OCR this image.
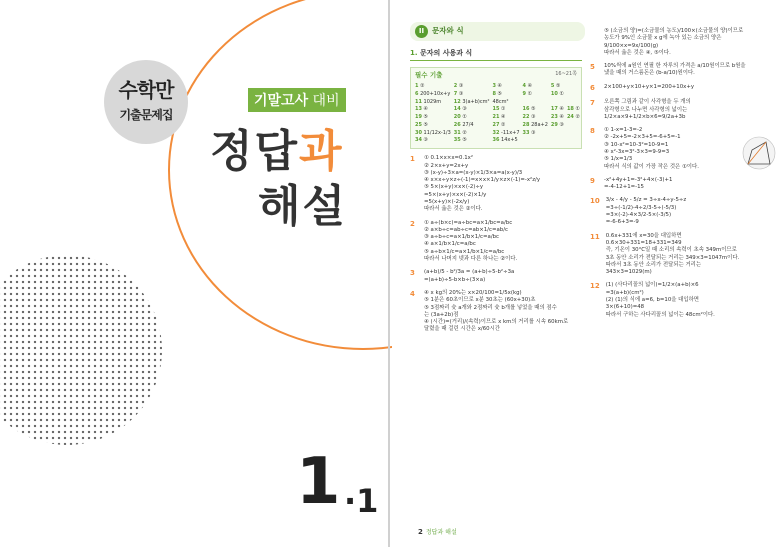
수학만
기출문제집
기말고사 대비
정답과
해설
1 ·1
II	문자와 식
1. 문자의 사용과 식
필수 기출	16~21쪽
1 ②	2 ③	3 ④	4 ④	5 ⑤
6 200+10x+y 7 ③	8 ⑤	9 ①	10 ①
11 1029m	12 3(a+b)cm² 48cm²
13 ④	14 ③	15 ①	16 ⑤	17 ④ 18 ①
19 ⑤	20 ①	21 ④	22 ③	23 ④ 24 ②
25 ⑤	26 27/4	27 ②	28 28a+2 29 ③
30 11/12x-1/3 31 ②	32 -11x+7 33 ③
34 ③	35 ⑤	36 14x+5
1	① 0.1×x×x=0.1x²
② 2×x+y=2x+y
③ (x-y)÷3×a=(x-y)×1/3×a=a(x-y)/3
④ x×x÷y×z÷(-1)=x×x×1/y×z×(-1)=-x²z/y
⑤ 5×(x+y)×x×(-2)÷y
=5×(x+y)×x×(-2)×1/y
=5(x+y)×(-2x/y)
따라서 옳은 것은 ②이다.
2	① a÷(b×c)=a÷bc=a×1/bc=a/bc
② a×b÷c=ab÷c=ab×1/c=ab/c
③ a÷b÷c=a×1/b×1/c=a/bc
④ a×1/b×1/c=a/bc
⑤ a÷b×1/c=a×1/b×1/c=a/bc
따라서 나머지 넷과 다른 하나는 ②이다.
3	(a+b)/5 - b²/3a = (a+b)÷5-b²÷3a
=(a+b)÷5-b×b÷(3×a)
4	④ x kg의 20%는 x×20/100=1/5x(kg)
⑤ 1분은 60초이므로 x분 30초는 (60x+30)초
⑤ 3점짜리 슛 a개와 2점짜리 슛 b개를 넣었을 때의 점수
는 (3a+2b)점
④ (시간)=(거리)/(속력)이므로 x km의 거리를 시속 60km로
달렸을 때 걸린 시간은 x/60시간
⑤ (소금의 양)=(소금물의 농도)/100×(소금물의 양)이므로
농도가 9%인 소금물 x g에 녹아 있는 소금의 양은
9/100×x=9x/100(g)
따라서 옳은 것은 ④, ⑤이다.
5	10%씩에 a원인 연필 한 자루의 가격은 a/10원이므로 b원을
냈을 때의 거스름돈은 (b-a/10)원이다.
6	2×100+y×10+y×1=200+10x+y
7	오른쪽 그림과 같이 사각형을 두 개의
삼각형으로 나누면 사각형의 넓이는
1/2×a×9+1/2×b×6=9/2a+3b
8	① 1-x=1-3=-2
② -2x+5=-2×3+5=-6+5=-1
③ 10-x²=10-3²=10-9=1
④ x²-3x=3²-3×3=9-9=3
⑤ 1/x=1/3
따라서 식의 값이 가장 작은 것은 ①이다.
9	-x²+4y+1=-3²+4×(-3)+1
=-4-12+1=-15
10 3/x - 4/y - 5/z = 3÷x-4÷y-5÷z
=3÷(-1/2)-4÷2/3-5÷(-5/3)
=3×(-2)-4×3/2-5×(-3/5)
=-6-6+3=-9
11 0.6x+331에 x=30을 대입하면
0.6×30+331=18+331=349
즉, 기온이 30°C일 때 소리의 속력이 초속 349m이므로
3초 동안 소리가 전달되는 거리는 349×3=1047m이다.
따라서 3초 동안 소리가 전달되는 거리는
343×3=1029(m)
12 (1) (사다리꼴의 넓이)=1/2×(a+b)×6
=3(a+b)(cm²)
(2) (1)의 식에 a=6, b=10을 대입하면
3×(6+10)=48
따라서 구하는 사다리꼴의 넓이는 48cm²이다.
2 정답과 해설
